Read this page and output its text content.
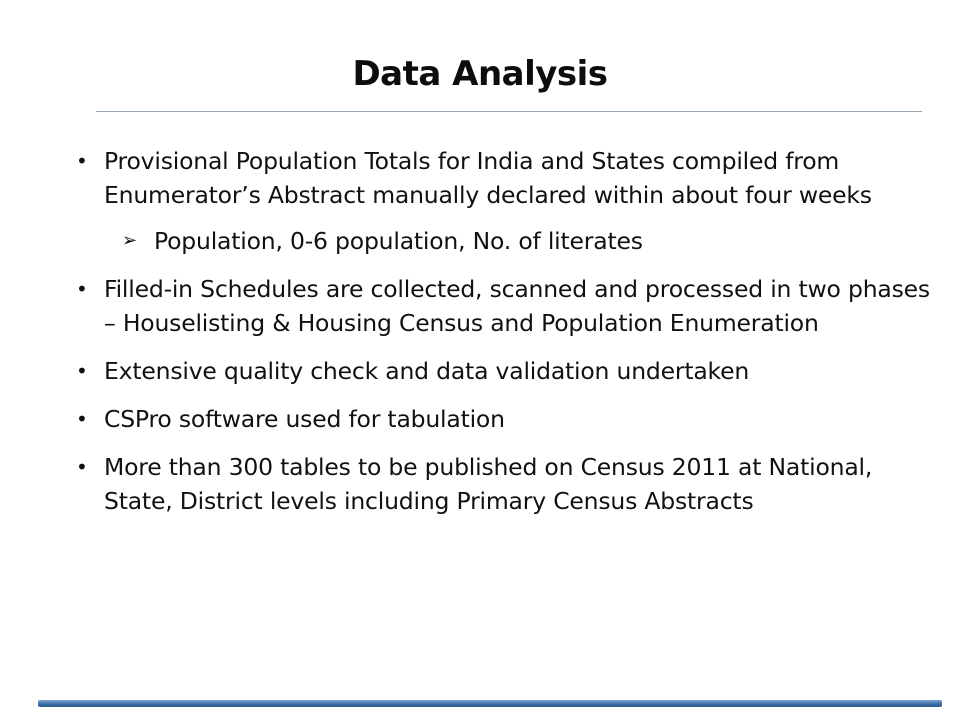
Data Analysis
• Provisional Population Totals for India and States compiled from Enumerator’s Abstract manually declared within about four weeks
➢ Population, 0-6 population, No. of literates
• Filled-in Schedules are collected, scanned and processed in two phases – Houselisting & Housing Census and Population Enumeration
• Extensive quality check and data validation undertaken
• CSPro software used for tabulation
• More than 300 tables to be published on Census 2011 at National, State, District levels including Primary Census Abstracts
